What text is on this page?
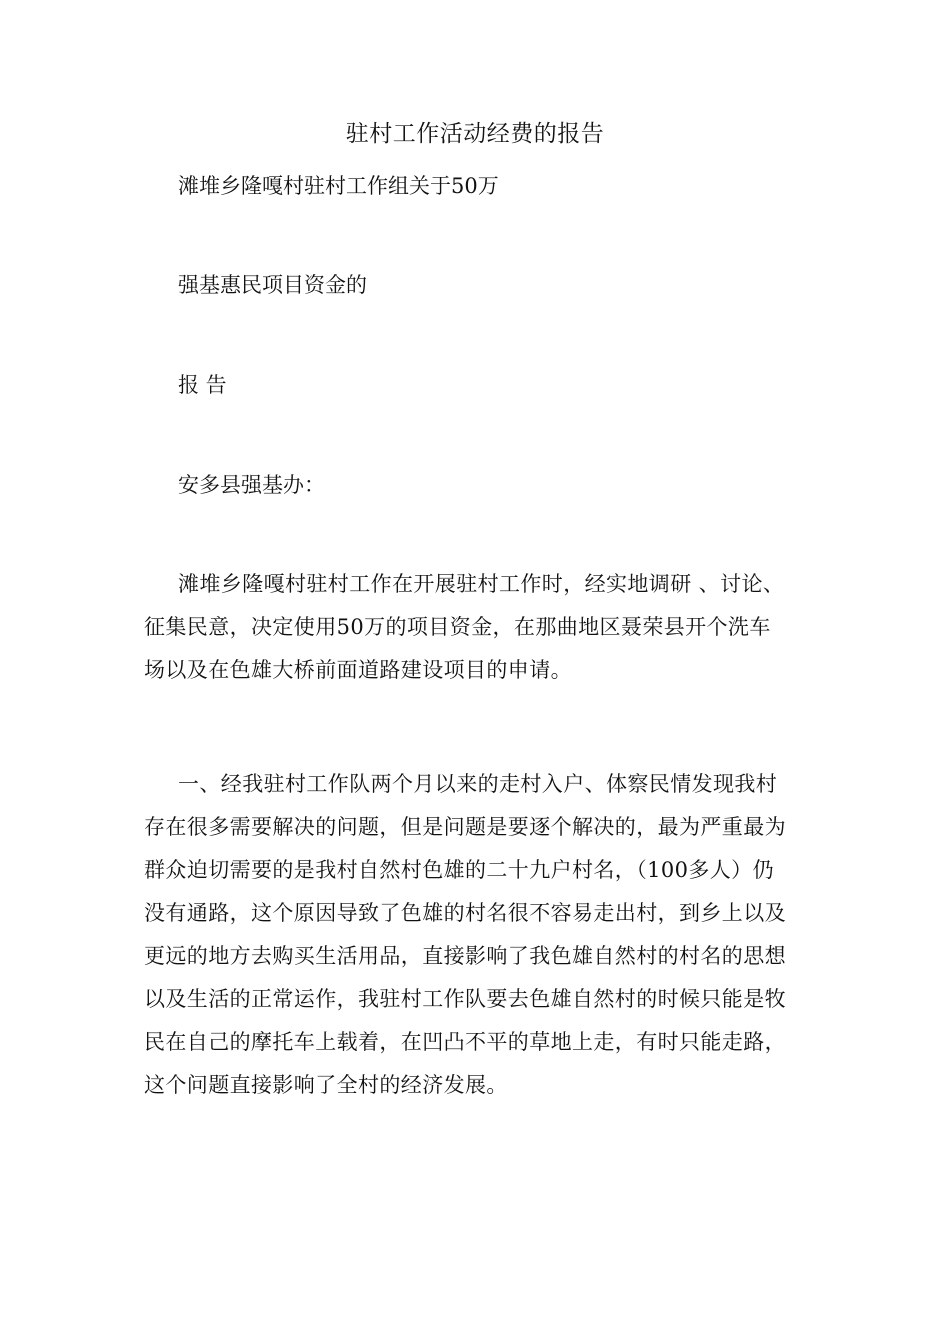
驻村工作活动经费的报告
滩堆乡隆嘎村驻村工作组关于50万
强基惠民项目资金的
报 告
安多县强基办：
滩堆乡隆嘎村驻村工作在开展驻村工作时，经实地调研 、讨论、
征集民意，决定使用50万的项目资金，在那曲地区聂荣县开个洗车
场以及在色雄大桥前面道路建设项目的申请。
一、经我驻村工作队两个月以来的走村入户、体察民情发现我村
存在很多需要解决的问题，但是问题是要逐个解决的，最为严重最为
群众迫切需要的是我村自然村色雄的二十九户村名，（100多人）仍
没有通路，这个原因导致了色雄的村名很不容易走出村，到乡上以及
更远的地方去购买生活用品，直接影响了我色雄自然村的村名的思想
以及生活的正常运作，我驻村工作队要去色雄自然村的时候只能是牧
民在自己的摩托车上载着，在凹凸不平的草地上走，有时只能走路，
这个问题直接影响了全村的经济发展。
